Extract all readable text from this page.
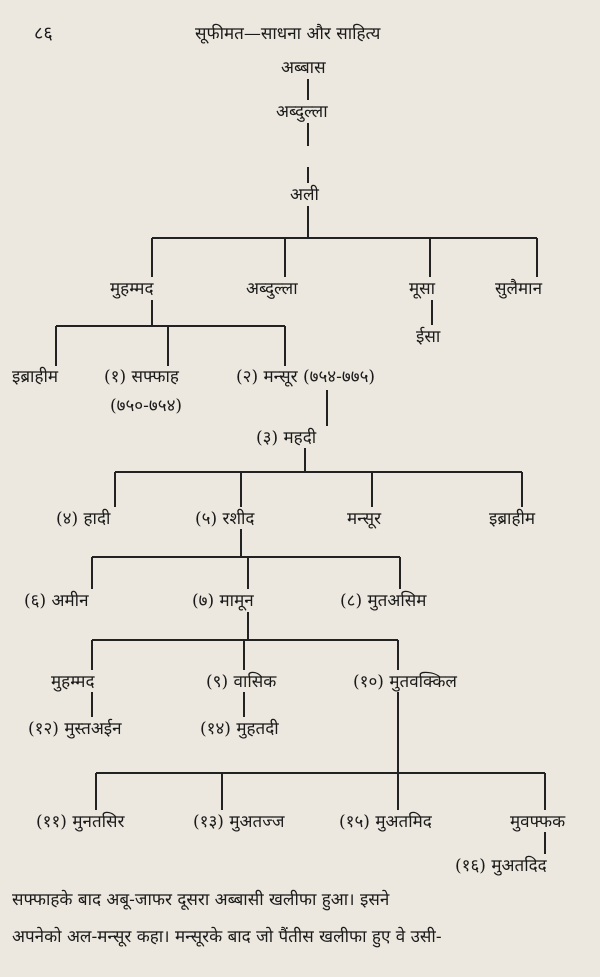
८६	सूफीमत—साधना और साहित्य
अब्बास
अब्दुल्ला
अली
मुहम्मद	अब्दुल्ला	मूसा	सुलैमान
ईसा
इब्राहीम	(१) सफ्फाह	(२) मन्सूर (७५४-७७५)
(७५०-७५४)
(३) महदी
(४) हादी	(५) रशीद	मन्सूर	इब्राहीम
(६) अमीन	(७) मामून	(८) मुतअसिम
मुहम्मद	(९) वासिक	(१०) मुतवक्किल
(१२) मुस्तअईन	(१४) मुहतदी
(११) मुनतसिर	(१३) मुअतज्ज	(१५) मुअतमिद	मुवफ्फक
(१६) मुअतदिद
सफ्फाहके बाद अबू-जाफर दूसरा अब्बासी खलीफा हुआ। इसने
अपनेको अल-मन्सूर कहा। मन्सूरके बाद जो पैंतीस खलीफा हुए वे उसी-
